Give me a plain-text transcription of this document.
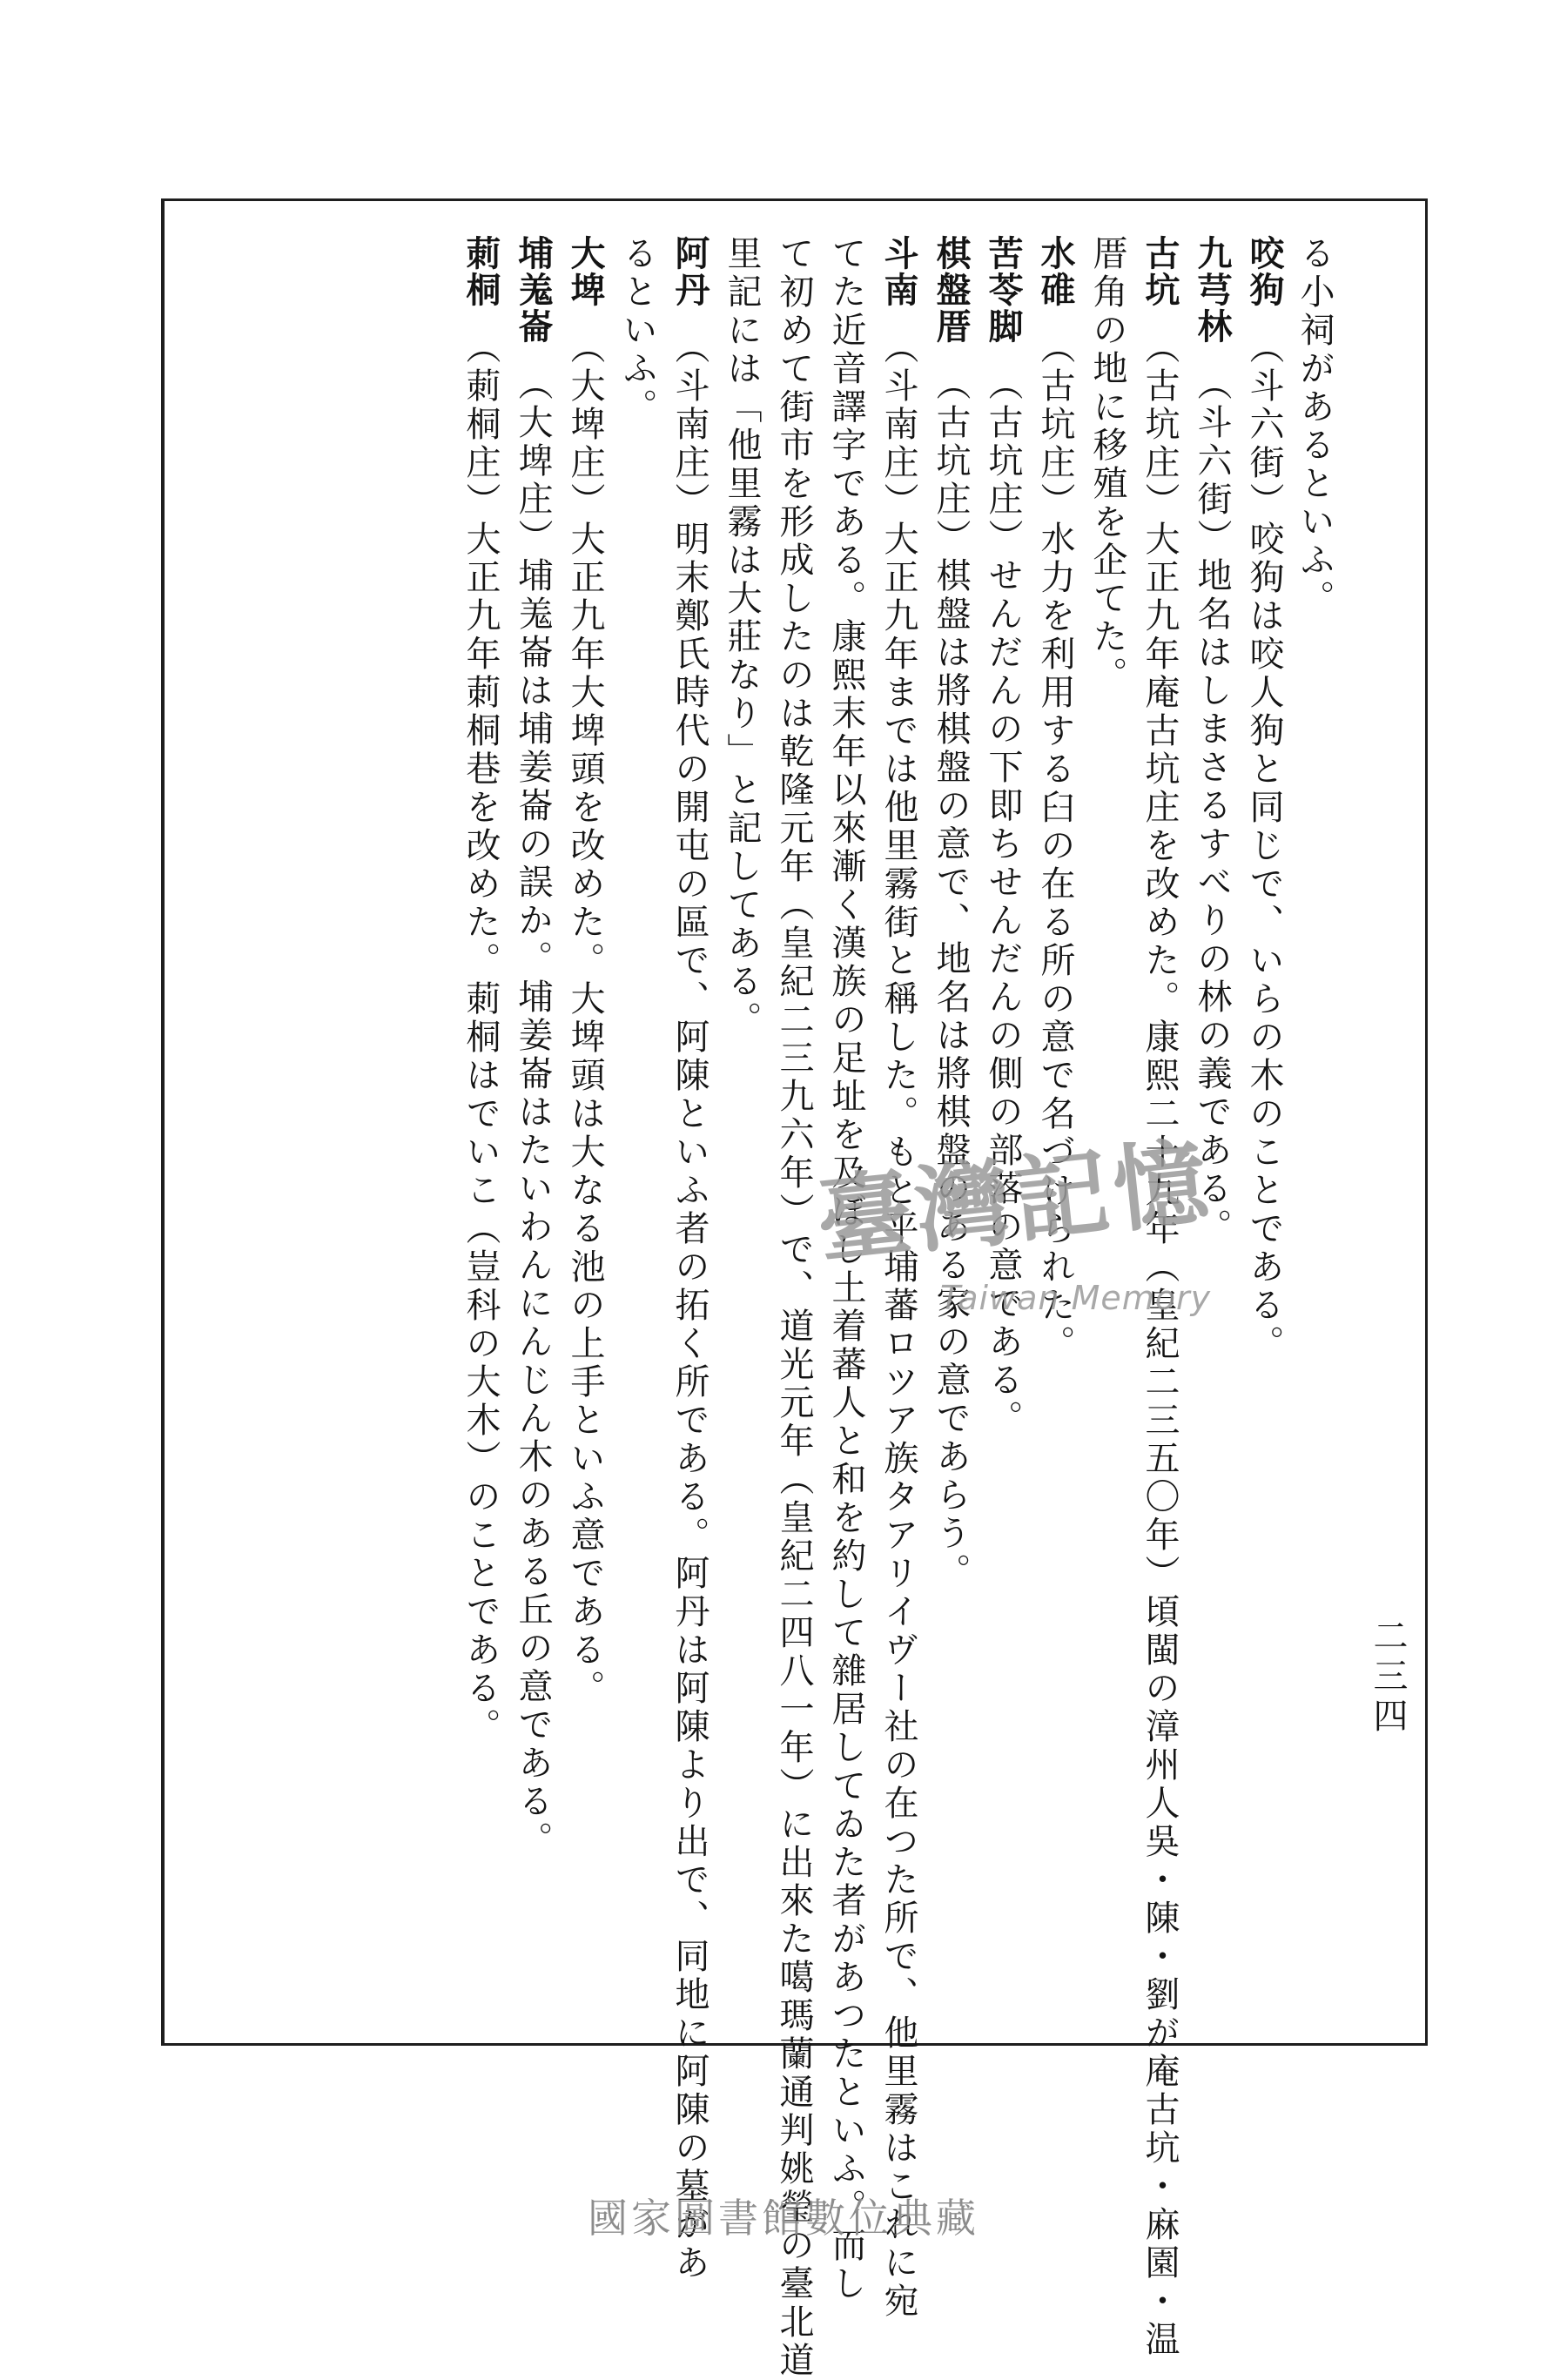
二三四
る小祠があるといふ。
咬狗（斗六街）咬狗は咬人狗と同じで、いらの木のことである。
九芎林（斗六街）地名はしまさるすべりの林の義である。
古坑（古坑庄）大正九年庵古坑庄を改めた。康熙二十九年（皇紀二三五〇年）頃閩の漳州人吳・陳・劉が庵古坑・麻園・温
厝角の地に移殖を企てた。
水碓（古坑庄）水力を利用する臼の在る所の意で名づけられた。
苦苓脚（古坑庄）せんだんの下即ちせんだんの側の部落の意である。
棋盤厝（古坑庄）棋盤は將棋盤の意で、地名は將棋盤のある家の意であらう。
斗南（斗南庄）大正九年までは他里霧街と稱した。もと平埔蕃ロツア族タアリイヴー社の在つた所で、他里霧はこれに宛
てた近音譯字である。康熙末年以來漸く漢族の足址を及ぼし土着蕃人と和を約して雜居してゐた者があつたといふ。而し
て初めて街市を形成したのは乾隆元年（皇紀二三九六年）で、道光元年（皇紀二四八一年）に出來た噶瑪蘭通判姚瑩の臺北道
里記には「他里霧は大莊なり」と記してある。
阿丹（斗南庄）明末鄭氏時代の開屯の區で、阿陳といふ者の拓く所である。阿丹は阿陳より出で、同地に阿陳の墓があ
るといふ。
大埤（大埤庄）大正九年大埤頭を改めた。大埤頭は大なる池の上手といふ意である。
埔羗崙（大埤庄）埔羗崙は埔姜崙の誤か。埔姜崙はたいわんにんじん木のある丘の意である。
莿桐（莿桐庄）大正九年莿桐巷を改めた。莿桐はでいこ（豈科の大木）のことである。	臺灣記憶
Taiwan Memory
國家圖書館數位典藏
